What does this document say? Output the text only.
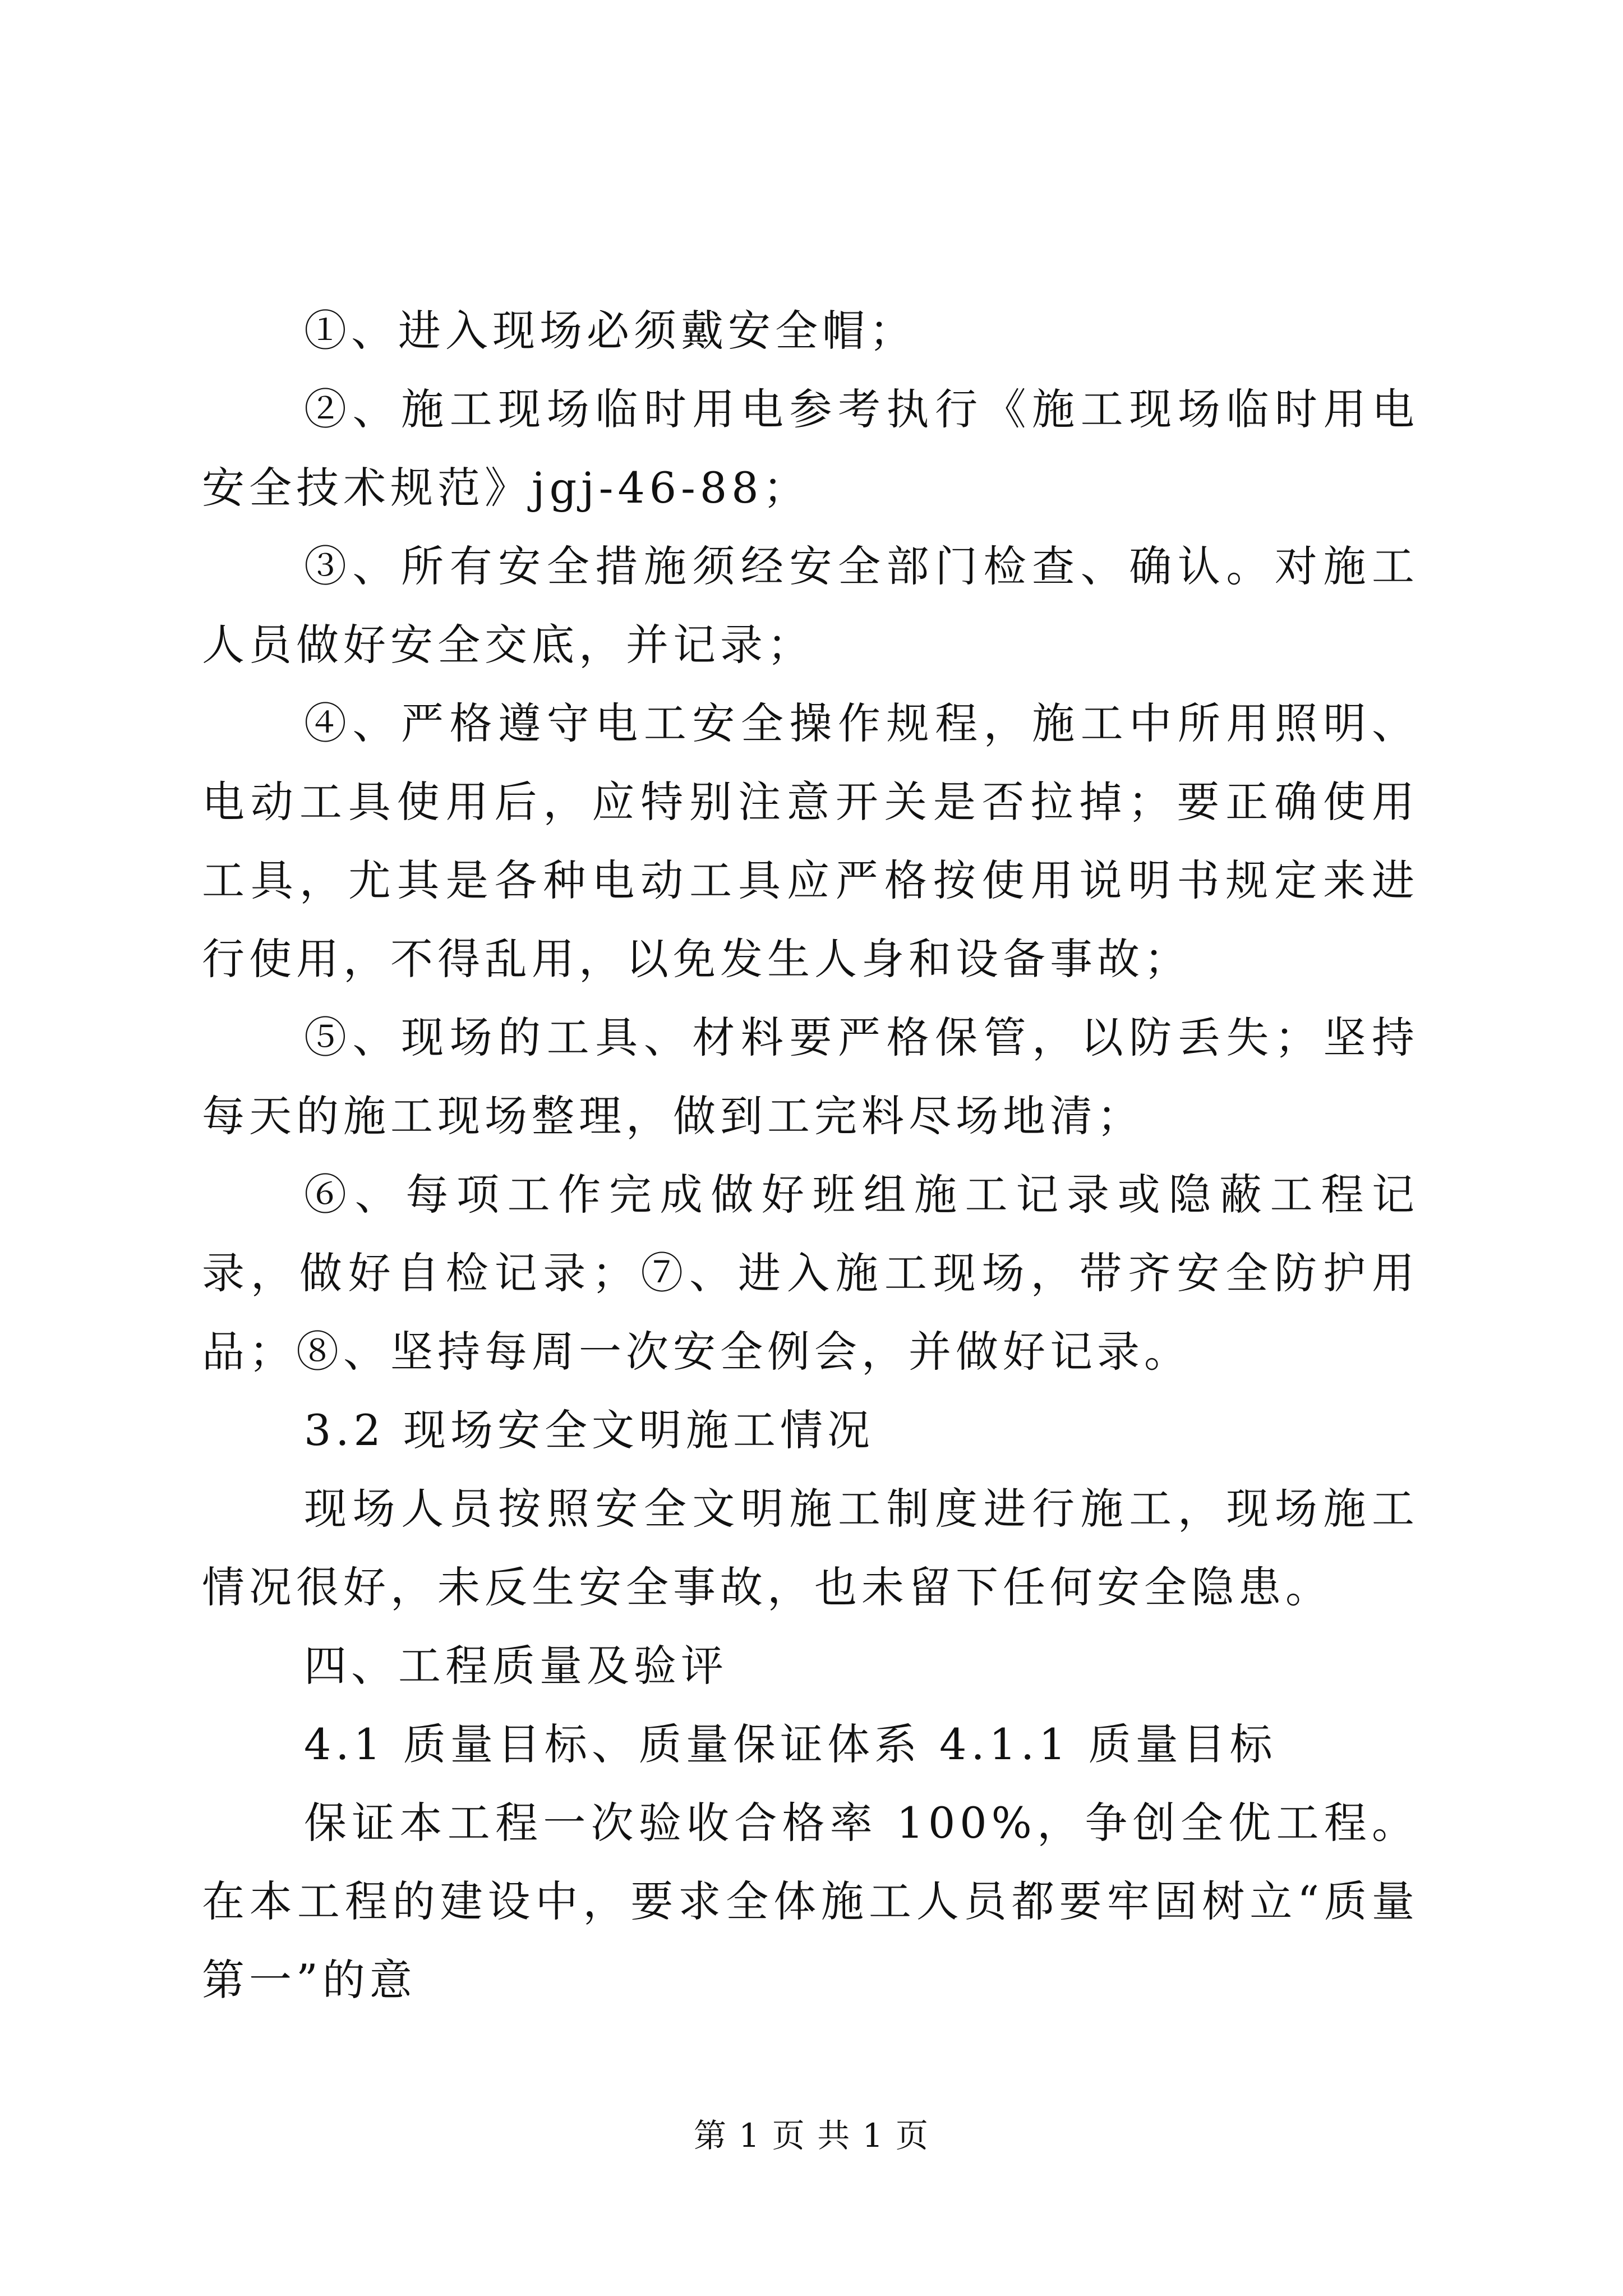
①、进入现场必须戴安全帽；

②、施工现场临时用电参考执行《施工现场临时用电安全技术规范》jgj-46-88；

③、所有安全措施须经安全部门检查、确认。对施工人员做好安全交底，并记录；

④、严格遵守电工安全操作规程，施工中所用照明、电动工具使用后，应特别注意开关是否拉掉；要正确使用工具，尤其是各种电动工具应严格按使用说明书规定来进行使用，不得乱用，以免发生人身和设备事故；

⑤、现场的工具、材料要严格保管，以防丢失；坚持每天的施工现场整理，做到工完料尽场地清；

⑥、每项工作完成做好班组施工记录或隐蔽工程记录，做好自检记录；⑦、进入施工现场，带齐安全防护用品；⑧、坚持每周一次安全例会，并做好记录。

3.2 现场安全文明施工情况

现场人员按照安全文明施工制度进行施工，现场施工情况很好，未反生安全事故，也未留下任何安全隐患。

四、工程质量及验评

4.1 质量目标、质量保证体系 4.1.1 质量目标

保证本工程一次验收合格率 100%，争创全优工程。在本工程的建设中，要求全体施工人员都要牢固树立“质量第一”的意

第 1 页 共 1 页
